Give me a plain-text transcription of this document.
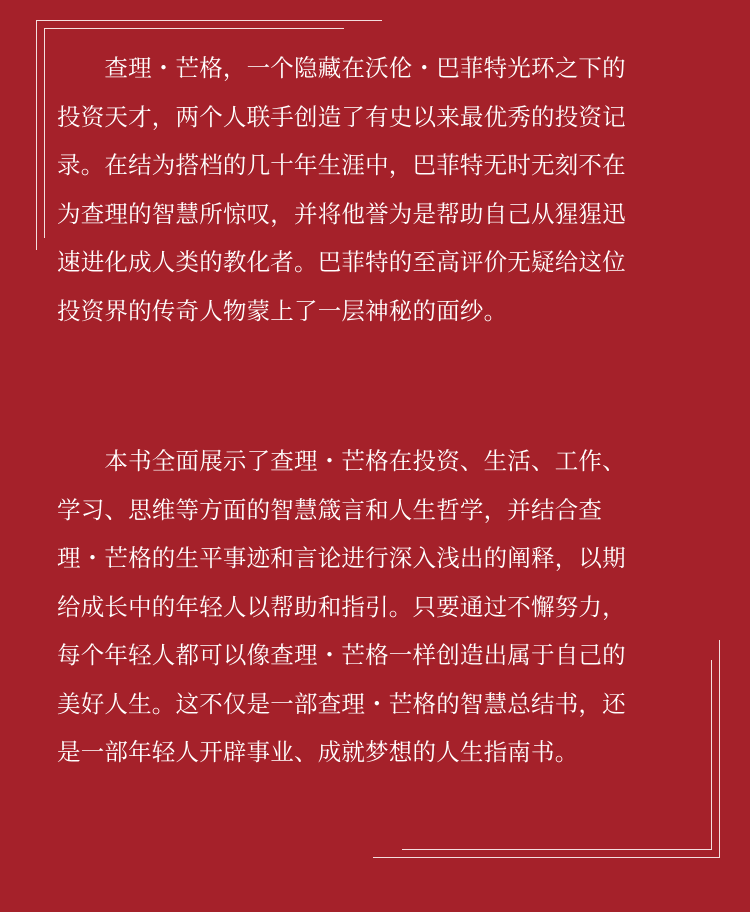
　　查理・芒格，一个隐藏在沃伦・巴菲特光环之下的
投资天才，两个人联手创造了有史以来最优秀的投资记
录。在结为搭档的几十年生涯中，巴菲特无时无刻不在
为查理的智慧所惊叹，并将他誉为是帮助自己从猩猩迅
速进化成人类的教化者。巴菲特的至高评价无疑给这位
投资界的传奇人物蒙上了一层神秘的面纱。
　　本书全面展示了查理・芒格在投资、生活、工作、
学习、思维等方面的智慧箴言和人生哲学，并结合查
理・芒格的生平事迹和言论进行深入浅出的阐释，以期
给成长中的年轻人以帮助和指引。只要通过不懈努力，
每个年轻人都可以像查理・芒格一样创造出属于自己的
美好人生。这不仅是一部查理・芒格的智慧总结书，还
是一部年轻人开辟事业、成就梦想的人生指南书。
